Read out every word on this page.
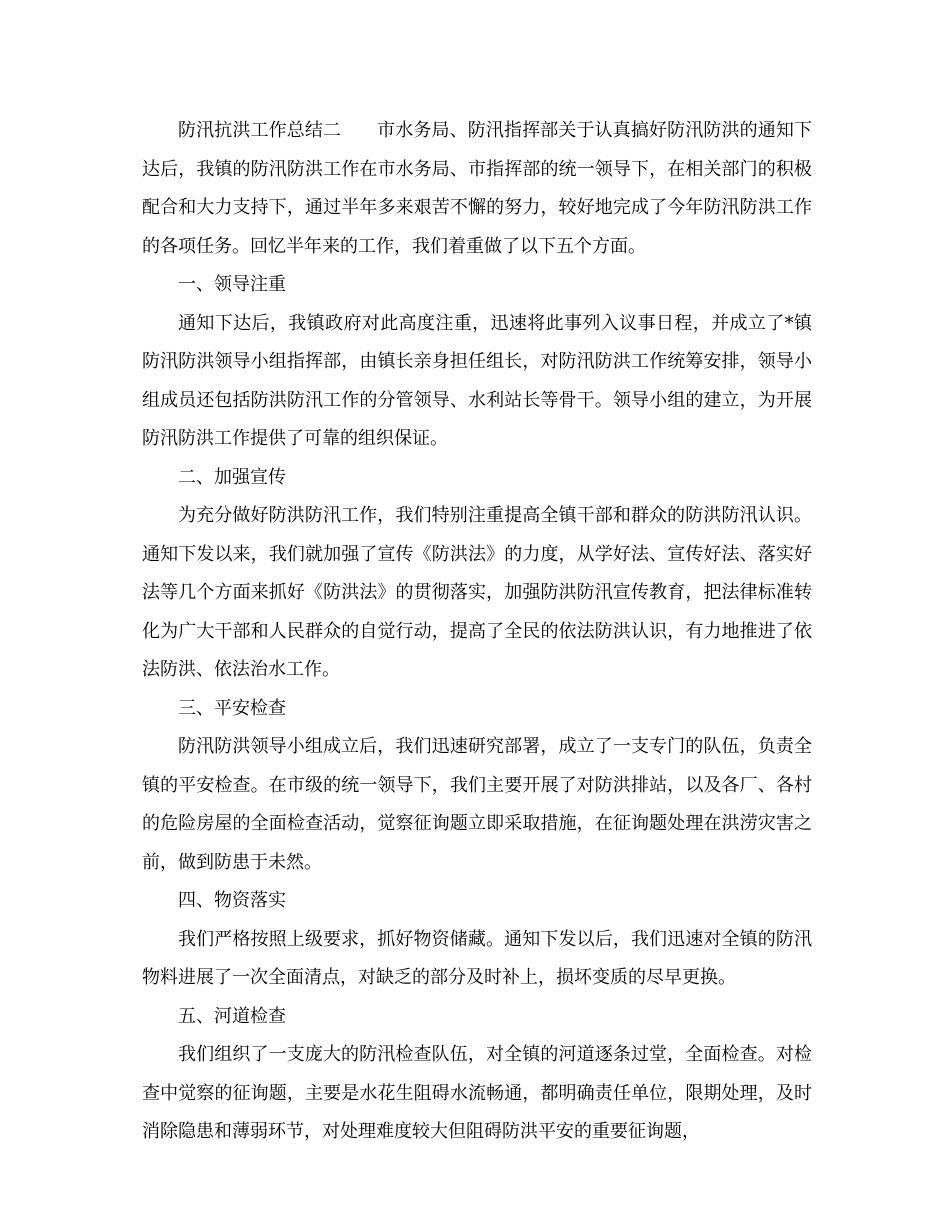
防汛抗洪工作总结二 市水务局、防汛指挥部关于认真搞好防汛防洪的通知下达后，我镇的防汛防洪工作在市水务局、市指挥部的统一领导下，在相关部门的积极配合和大力支持下，通过半年多来艰苦不懈的努力，较好地完成了今年防汛防洪工作的各项任务。回忆半年来的工作，我们着重做了以下五个方面。

一、领导注重

通知下达后，我镇政府对此高度注重，迅速将此事列入议事日程，并成立了*镇防汛防洪领导小组指挥部，由镇长亲身担任组长，对防汛防洪工作统筹安排，领导小组成员还包括防洪防汛工作的分管领导、水利站长等骨干。领导小组的建立，为开展防汛防洪工作提供了可靠的组织保证。

二、加强宣传

为充分做好防洪防汛工作，我们特别注重提高全镇干部和群众的防洪防汛认识。通知下发以来，我们就加强了宣传《防洪法》的力度，从学好法、宣传好法、落实好法等几个方面来抓好《防洪法》的贯彻落实，加强防洪防汛宣传教育，把法律标准转化为广大干部和人民群众的自觉行动，提高了全民的依法防洪认识，有力地推进了依法防洪、依法治水工作。

三、平安检查

防汛防洪领导小组成立后，我们迅速研究部署，成立了一支专门的队伍，负责全镇的平安检查。在市级的统一领导下，我们主要开展了对防洪排站，以及各厂、各村的危险房屋的全面检查活动，觉察征询题立即采取措施，在征询题处理在洪涝灾害之前，做到防患于未然。

四、物资落实

我们严格按照上级要求，抓好物资储藏。通知下发以后，我们迅速对全镇的防汛物料进展了一次全面清点，对缺乏的部分及时补上，损坏变质的尽早更换。

五、河道检查

我们组织了一支庞大的防汛检查队伍，对全镇的河道逐条过堂，全面检查。对检查中觉察的征询题，主要是水花生阻碍水流畅通，都明确责任单位，限期处理，及时消除隐患和薄弱环节，对处理难度较大但阻碍防洪平安的重要征询题，
